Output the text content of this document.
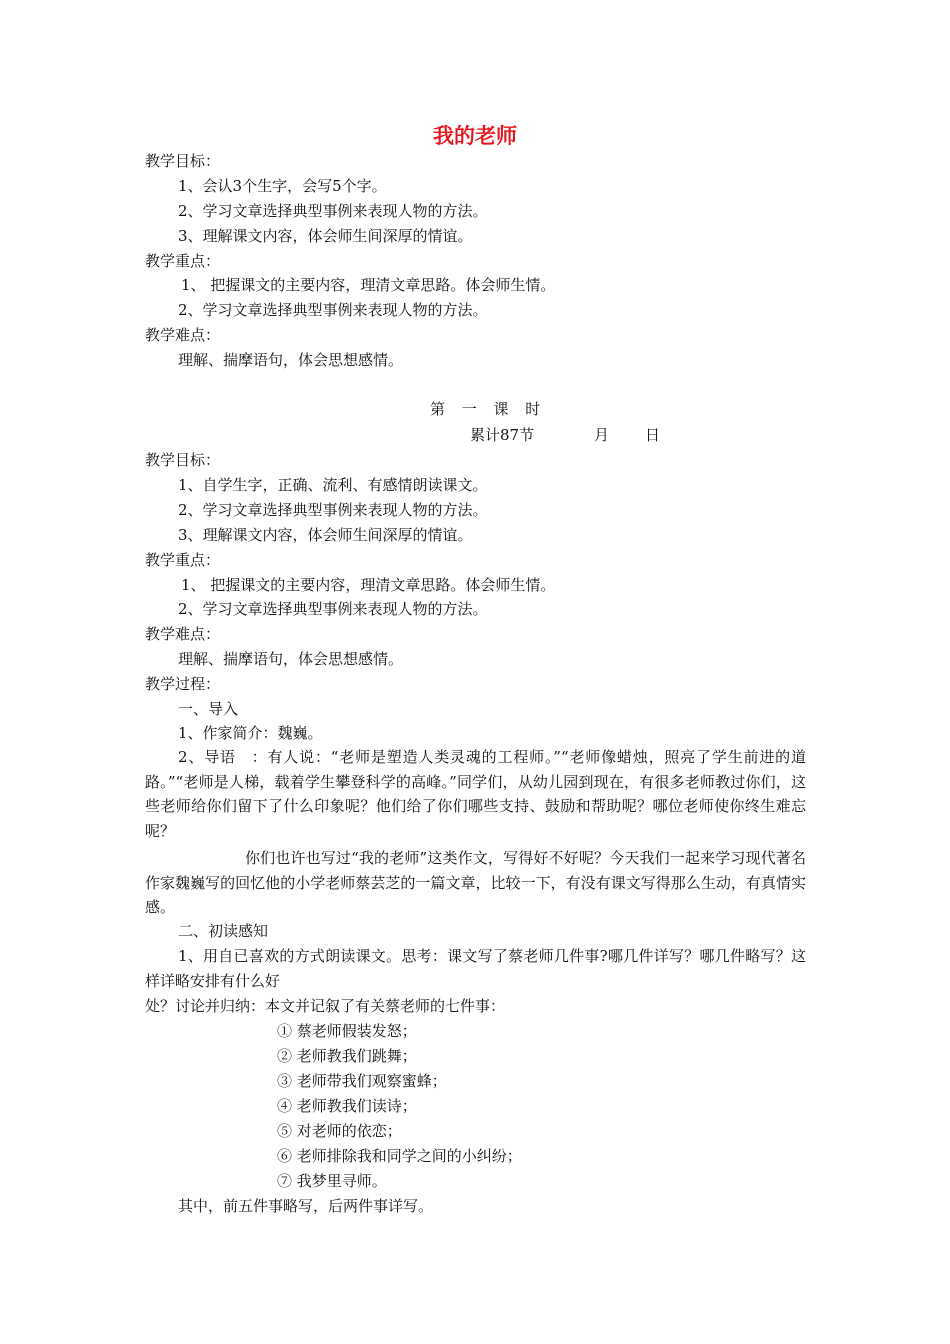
我的老师
教学目标：
1、会认3个生字，会写5个字。
2、学习文章选择典型事例来表现人物的方法。
3、理解课文内容，体会师生间深厚的情谊。
教学重点：
1、 把握课文的主要内容，理清文章思路。体会师生情。
2、学习文章选择典型事例来表现人物的方法。
教学难点：
理解、揣摩语句，体会思想感情。
第 一 课 时
累计87节	月 日
教学目标：
1、自学生字，正确、流利、有感情朗读课文。
2、学习文章选择典型事例来表现人物的方法。
3、理解课文内容，体会师生间深厚的情谊。
教学重点：
1、 把握课文的主要内容，理清文章思路。体会师生情。
2、学习文章选择典型事例来表现人物的方法。
教学难点：
理解、揣摩语句，体会思想感情。
教学过程：
一、导入
1、作家简介：魏巍。
2、导语　：有人说：“老师是塑造人类灵魂的工程师。”“老师像蜡烛，照亮了学生前进的道路。”“老师是人梯，载着学生攀登科学的高峰。”同学们，从幼儿园到现在，有很多老师教过你们，这些老师给你们留下了什么印象呢？他们给了你们哪些支持、鼓励和帮助呢？哪位老师使你终生难忘呢？
你们也许也写过“我的老师”这类作文，写得好不好呢？今天我们一起来学习现代著名作家魏巍写的回忆他的小学老师蔡芸芝的一篇文章，比较一下，有没有课文写得那么生动，有真情实感。
二、初读感知
1、用自已喜欢的方式朗读课文。思考：课文写了蔡老师几件事?哪几件详写？哪几件略写？这样详略安排有什么好
处？讨论并归纳：本文并记叙了有关蔡老师的七件事：
① 蔡老师假装发怒；
② 老师教我们跳舞；
③ 老师带我们观察蜜蜂；
④ 老师教我们读诗；
⑤ 对老师的依恋；
⑥ 老师排除我和同学之间的小纠纷；
⑦ 我梦里寻师。
其中，前五件事略写，后两件事详写。
